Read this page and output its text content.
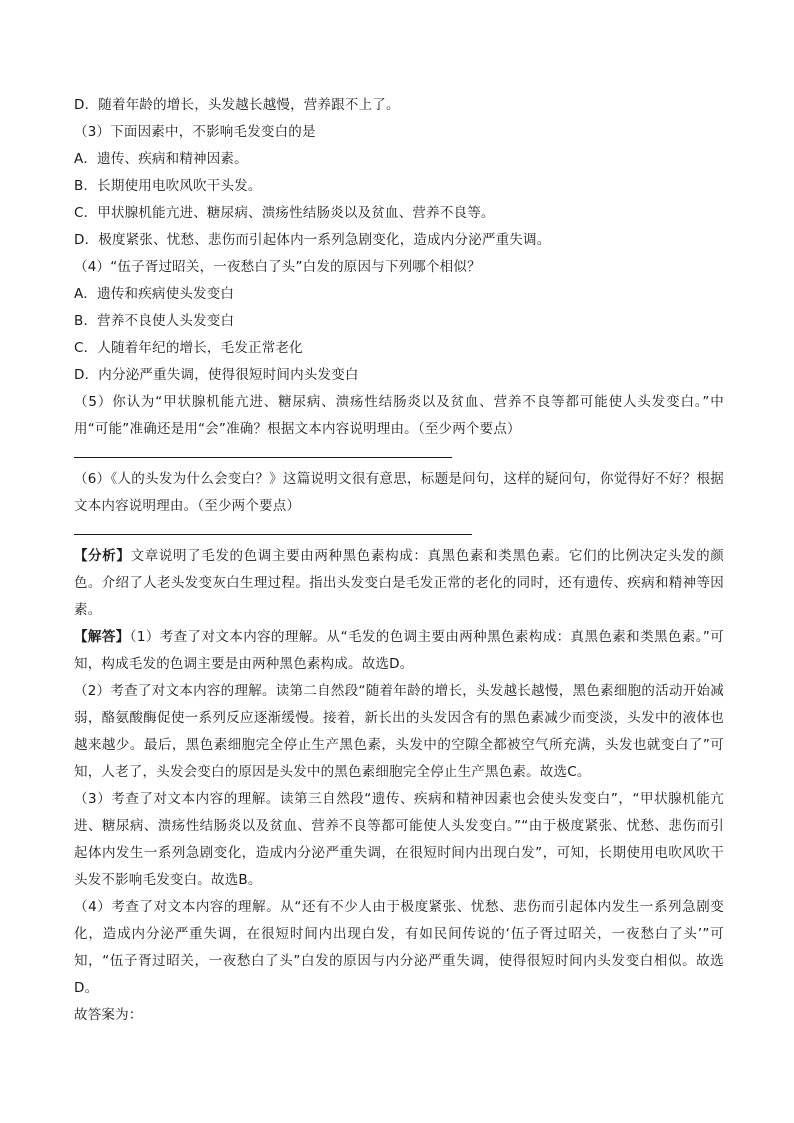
D．随着年龄的增长，头发越长越慢，营养跟不上了。
（3）下面因素中，不影响毛发变白的是
A．遗传、疾病和精神因素。
B．长期使用电吹风吹干头发。
C．甲状腺机能亢进、糖尿病、溃疡性结肠炎以及贫血、营养不良等。
D．极度紧张、忧愁、悲伤而引起体内一系列急剧变化，造成内分泌严重失调。
（4）“伍子胥过昭关，一夜愁白了头”白发的原因与下列哪个相似？
A．遗传和疾病使头发变白
B．营养不良使人头发变白
C．人随着年纪的增长，毛发正常老化
D．内分泌严重失调，使得很短时间内头发变白
（5）你认为“甲状腺机能亢进、糖尿病、溃疡性结肠炎以及贫血、营养不良等都可能使人头发变白。”中用“可能”准确还是用“会”准确？根据文本内容说明理由。（至少两个要点）
（6）《人的头发为什么会变白？》这篇说明文很有意思，标题是问句，这样的疑问句，你觉得好不好？根据文本内容说明理由。（至少两个要点）
【分析】文章说明了毛发的色调主要由两种黑色素构成：真黑色素和类黑色素。它们的比例决定头发的颜色。介绍了人老头发变灰白生理过程。指出头发变白是毛发正常的老化的同时，还有遗传、疾病和精神等因素。
【解答】（1）考查了对文本内容的理解。从“毛发的色调主要由两种黑色素构成：真黑色素和类黑色素。”可知，构成毛发的色调主要是由两种黑色素构成。故选D。
（2）考查了对文本内容的理解。读第二自然段“随着年龄的增长，头发越长越慢，黑色素细胞的活动开始减弱，酪氨酸酶促使一系列反应逐渐缓慢。接着，新长出的头发因含有的黑色素减少而变淡，头发中的液体也越来越少。最后，黑色素细胞完全停止生产黑色素，头发中的空隙全都被空气所充满，头发也就变白了”可知，人老了，头发会变白的原因是头发中的黑色素细胞完全停止生产黑色素。故选C。
（3）考查了对文本内容的理解。读第三自然段“遗传、疾病和精神因素也会使头发变白”，“甲状腺机能亢进、糖尿病、溃疡性结肠炎以及贫血、营养不良等都可能使人头发变白。”“由于极度紧张、忧愁、悲伤而引起体内发生一系列急剧变化，造成内分泌严重失调，在很短时间内出现白发”，可知，长期使用电吹风吹干头发不影响毛发变白。故选B。
（4）考查了对文本内容的理解。从“还有不少人由于极度紧张、忧愁、悲伤而引起体内发生一系列急剧变化，造成内分泌严重失调，在很短时间内出现白发，有如民间传说的‘伍子胥过昭关，一夜愁白了头’”可知，“伍子胥过昭关，一夜愁白了头”白发的原因与内分泌严重失调，使得很短时间内头发变白相似。故选D。
故答案为：
